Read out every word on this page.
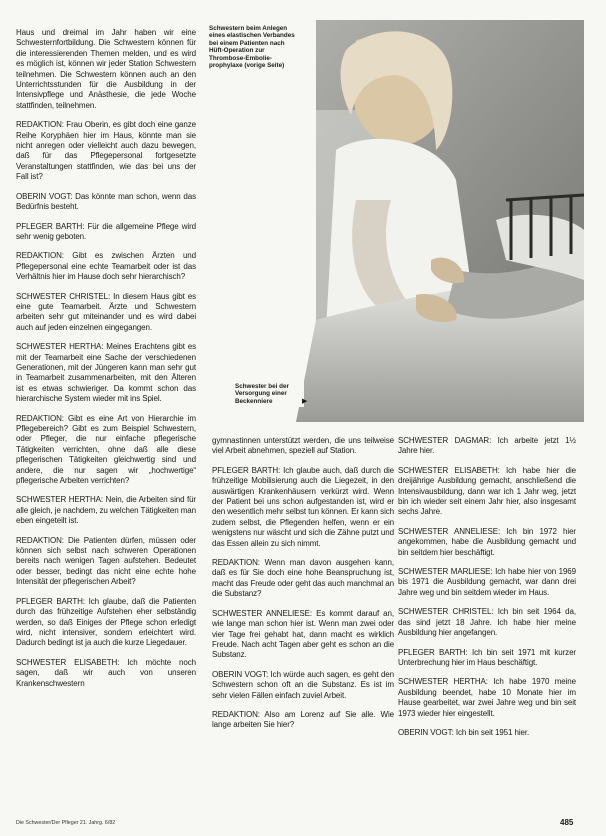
Haus und dreimal im Jahr haben wir eine Schwesternfortbildung. Die Schwestern können für die interessierenden Themen melden, und es wird es möglich ist, können wir jeder Station Schwestern teilnehmen. Die Schwestern können auch an den Unterrichtsstunden für die Ausbildung in der Intensivpflege und Anästhesie, die jede Woche stattfinden, teilnehmen.

REDAKTION: Frau Oberin, es gibt doch eine ganze Reihe Koryphäen hier im Haus, könnte man sie nicht anregen oder vielleicht auch dazu bewegen, daß für das Pflegepersonal fortgesetzte Veranstaltungen stattfinden, wie das bei uns der Fall ist?

OBERIN VOGT: Das könnte man schon, wenn das Bedürfnis besteht.

PFLEGER BARTH: Für die allgemeine Pflege wird sehr wenig geboten.

REDAKTION: Gibt es zwischen Ärzten und Pflegepersonal eine echte Teamarbeit oder ist das Verhältnis hier im Hause doch sehr hierarchisch?

SCHWESTER CHRISTEL: In diesem Haus gibt es eine gute Teamarbeit. Ärzte und Schwestern arbeiten sehr gut miteinander und es wird dabei auch auf jeden einzelnen eingegangen.

SCHWESTER HERTHA: Meines Erachtens gibt es mit der Teamarbeit eine Sache der verschiedenen Generationen, mit der Jüngeren kann man sehr gut in Teamarbeit zusammenarbeiten, mit den Älteren ist es etwas schwieriger. Da kommt schon das hierarchische System wieder mit ins Spiel.

REDAKTION: Gibt es eine Art von Hierarchie im Pflegebereich? Gibt es zum Beispiel Schwestern, oder Pfleger, die nur einfache pflegerische Tätigkeiten verrichten, ohne daß alle diese pflegerischen Tätigkeiten gleichwertig sind und andere, die nur sagen wir „hochwertige“ pflegerische Arbeiten verrichten?

SCHWESTER HERTHA: Nein, die Arbeiten sind für alle gleich, je nachdem, zu welchen Tätigkeiten man eben eingeteilt ist.

REDAKTION: Die Patienten dürfen, müssen oder können sich selbst nach schweren Operationen bereits nach wenigen Tagen aufstehen. Bedeutet oder besser, bedingt das nicht eine echte hohe Intensität der pflegerischen Arbeit?

PFLEGER BARTH: Ich glaube, daß die Patienten durch das frühzeitige Aufstehen eher selbständig werden, so daß Einiges der Pflege schon erledigt wird, nicht intensiver, sondern erleichtert wird. Dadurch bedingt ist ja auch die kurze Liegedauer.

SCHWESTER ELISABETH: Ich möchte noch sagen, daß wir auch von unseren Krankenschwestern

Schwestern beim Anlegen eines elastischen Verbandes bei einem Patienten nach Hüft-Operation zur Thrombose-Embolie-prophylaxe (vorige Seite)
Schwester bei der Versorgung einer Beckenniere	▶

gymnastinnen unterstützt werden, die uns teilweise viel Arbeit abnehmen, speziell auf Station.

PFLEGER BARTH: Ich glaube auch, daß durch die frühzeitige Mobilisierung auch die Liegezeit, in den auswärtigen Krankenhäusern verkürzt wird. Wenn der Patient bei uns schon aufgestanden ist, wird er den wesentlich mehr selbst tun können. Er kann sich zudem selbst, die Pflegenden helfen, wenn er ein wenigstens nur wäscht und sich die Zähne putzt und das Essen allein zu sich nimmt.

REDAKTION: Wenn man davon ausgehen kann, daß es für Sie doch eine hohe Beanspruchung ist, macht das Freude oder geht das auch manchmal an die Substanz?

SCHWESTER ANNELIESE: Es kommt darauf an, wie lange man schon hier ist. Wenn man zwei oder vier Tage frei gehabt hat, dann macht es wirklich Freude. Nach acht Tagen aber geht es schon an die Substanz.

OBERIN VOGT: Ich würde auch sagen, es geht den Schwestern schon oft an die Substanz. Es ist im sehr vielen Fällen einfach zuviel Arbeit.

REDAKTION: Also am Lorenz auf Sie alle. Wie lange arbeiten Sie hier?

SCHWESTER DAGMAR: Ich arbeite jetzt 1½ Jahre hier.

SCHWESTER ELISABETH: Ich habe hier die dreijährige Ausbildung gemacht, anschließend die Intensivausbildung, dann war ich 1 Jahr weg, jetzt bin ich wieder seit einem Jahr hier, also insgesamt sechs Jahre.

SCHWESTER ANNELIESE: Ich bin 1972 hier angekommen, habe die Ausbildung gemacht und bin seitdem hier beschäftigt.

SCHWESTER MARLIESE: Ich habe hier von 1969 bis 1971 die Ausbildung gemacht, war dann drei Jahre weg und bin seitdem wieder im Haus.

SCHWESTER CHRISTEL: Ich bin seit 1964 da, das sind jetzt 18 Jahre. Ich habe hier meine Ausbildung hier angefangen.

PFLEGER BARTH: Ich bin seit 1971 mit kurzer Unterbrechung hier im Haus beschäftigt.

SCHWESTER HERTHA: Ich habe 1970 meine Ausbildung beendet, habe 10 Monate hier im Hause gearbeitet, war zwei Jahre weg und bin seit 1973 wieder hier eingestellt.

OBERIN VOGT: Ich bin seit 1951 hier.

Die Schwester/Der Pfleger 21. Jahrg. 6/82	485
